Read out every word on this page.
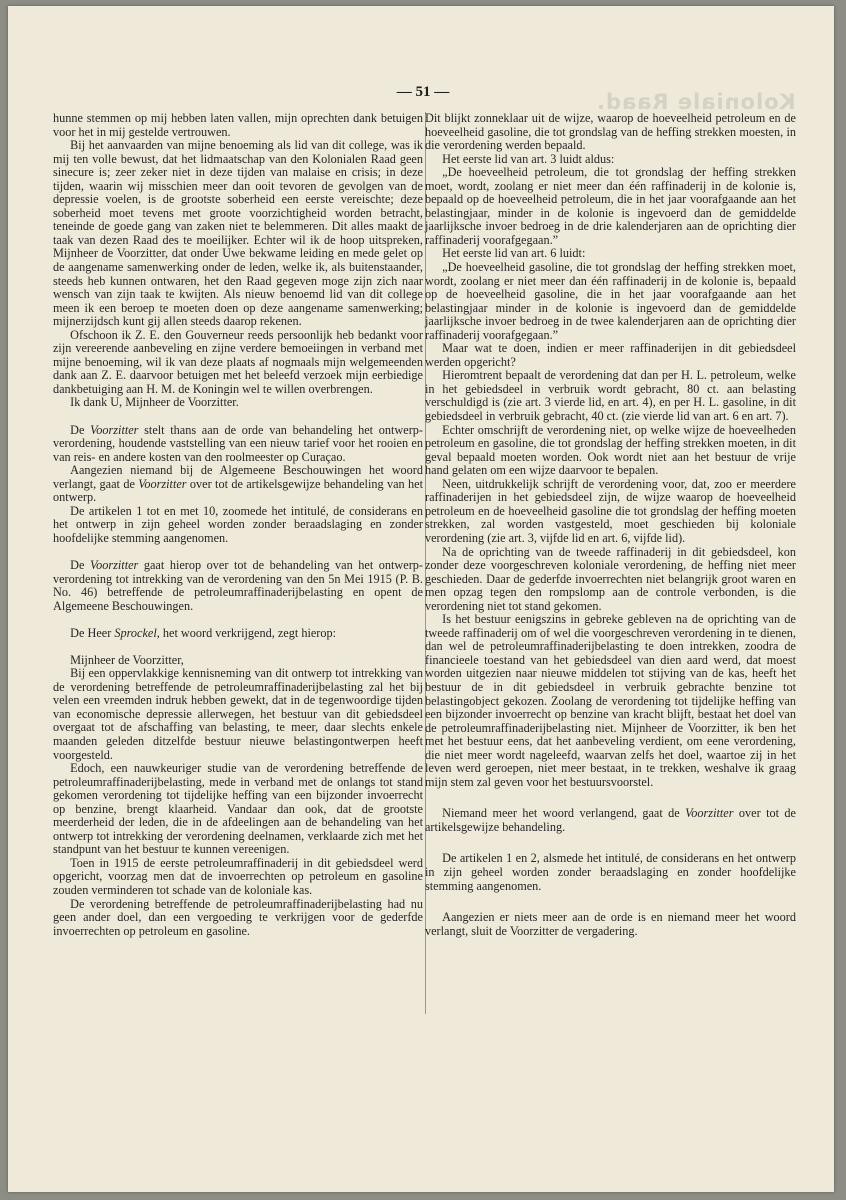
Koloniale Raad.
— 51 —

hunne stemmen op mij hebben laten vallen, mijn oprechten dank betuigen voor het in mij gestelde vertrouwen.

Bij het aanvaarden van mijne benoeming als lid van dit college, was ik mij ten volle bewust, dat het lidmaatschap van den Kolonialen Raad geen sinecure is; zeer zeker niet in deze tijden van malaise en crisis; in deze tijden, waarin wij misschien meer dan ooit tevoren de gevolgen van de depressie voelen, is de grootste soberheid een eerste vereischte; deze soberheid moet tevens met groote voorzichtigheid worden betracht, teneinde de goede gang van zaken niet te belemmeren. Dit alles maakt de taak van dezen Raad des te moeilijker. Echter wil ik de hoop uitspreken, Mijnheer de Voorzitter, dat onder Uwe bekwame leiding en mede gelet op de aangename samenwerking onder de leden, welke ik, als buitenstaander, steeds heb kunnen ontwaren, het den Raad gegeven moge zijn zich naar wensch van zijn taak te kwijten. Als nieuw benoemd lid van dit college meen ik een beroep te moeten doen op deze aangename samenwerking; mijnerzijdsch kunt gij allen steeds daarop rekenen.

Ofschoon ik Z. E. den Gouverneur reeds persoonlijk heb bedankt voor zijn vereerende aanbeveling en zijne verdere bemoeiingen in verband met mijne benoeming, wil ik van deze plaats af nogmaals mijn welgemeenden dank aan Z. E. daarvoor betuigen met het beleefd verzoek mijn eerbiedige dankbetuiging aan H. M. de Koningin wel te willen overbrengen.

Ik dank U, Mijnheer de Voorzitter.

De Voorzitter stelt thans aan de orde van behandeling het ontwerp-verordening, houdende vaststelling van een nieuw tarief voor het rooien en van reis- en andere kosten van den roolmeester op Curaçao.

Aangezien niemand bij de Algemeene Beschouwingen het woord verlangt, gaat de Voorzitter over tot de artikelsgewijze behandeling van het ontwerp.

De artikelen 1 tot en met 10, zoomede het intitulé, de considerans en het ontwerp in zijn geheel worden zonder beraadslaging en zonder hoofdelijke stemming aangenomen.

De Voorzitter gaat hierop over tot de behandeling van het ontwerp-verordening tot intrekking van de verordening van den 5n Mei 1915 (P. B. No. 46) betreffende de petroleumraffinaderijbelasting en opent de Algemeene Beschouwingen.

De Heer Sprockel, het woord verkrijgend, zegt hierop:

Mijnheer de Voorzitter,

Bij een oppervlakkige kennisneming van dit ontwerp tot intrekking van de verordening betreffende de petroleumraffinaderijbelasting zal het bij velen een vreemden indruk hebben gewekt, dat in de tegenwoordige tijden van economische depressie allerwegen, het bestuur van dit gebiedsdeel overgaat tot de afschaffing van belasting, te meer, daar slechts enkele maanden geleden ditzelfde bestuur nieuwe belastingontwerpen heeft voorgesteld.

Edoch, een nauwkeuriger studie van de verordening betreffende de petroleumraffinaderijbelasting, mede in verband met de onlangs tot stand gekomen verordening tot tijdelijke heffing van een bijzonder invoerrecht op benzine, brengt klaarheid. Vandaar dan ook, dat de grootste meerderheid der leden, die in de afdeelingen aan de behandeling van het ontwerp tot intrekking der verordening deelnamen, verklaarde zich met het standpunt van het bestuur te kunnen vereenigen.

Toen in 1915 de eerste petroleumraffinaderij in dit gebiedsdeel werd opgericht, voorzag men dat de invoerrechten op petroleum en gasoline zouden verminderen tot schade van de koloniale kas.

De verordening betreffende de petroleumraffinaderijbelasting had nu geen ander doel, dan een vergoeding te verkrijgen voor de gederfde invoerrechten op petroleum en gasoline.

Dit blijkt zonneklaar uit de wijze, waarop de hoeveelheid petroleum en de hoeveelheid gasoline, die tot grondslag van de heffing strekken moesten, in die verordening werden bepaald.

Het eerste lid van art. 3 luidt aldus:

„De hoeveelheid petroleum, die tot grondslag der heffing strekken moet, wordt, zoolang er niet meer dan één raffinaderij in de kolonie is, bepaald op de hoeveelheid petroleum, die in het jaar voorafgaande aan het belastingjaar, minder in de kolonie is ingevoerd dan de gemiddelde jaarlijksche invoer bedroeg in de drie kalenderjaren aan de oprichting dier raffinaderij voorafgegaan.”

Het eerste lid van art. 6 luidt:

„De hoeveelheid gasoline, die tot grondslag der heffing strekken moet, wordt, zoolang er niet meer dan één raffinaderij in de kolonie is, bepaald op de hoeveelheid gasoline, die in het jaar voorafgaande aan het belastingjaar minder in de kolonie is ingevoerd dan de gemiddelde jaarlijksche invoer bedroeg in de twee kalenderjaren aan de oprichting dier raffinaderij voorafgegaan.”

Maar wat te doen, indien er meer raffinaderijen in dit gebiedsdeel werden opgericht?

Hieromtrent bepaalt de verordening dat dan per H. L. petroleum, welke in het gebiedsdeel in verbruik wordt gebracht, 80 ct. aan belasting verschuldigd is (zie art. 3 vierde lid, en art. 4), en per H. L. gasoline, in dit gebiedsdeel in verbruik gebracht, 40 ct. (zie vierde lid van art. 6 en art. 7).

Echter omschrijft de verordening niet, op welke wijze de hoeveelheden petroleum en gasoline, die tot grondslag der heffing strekken moeten, in dit geval bepaald moeten worden. Ook wordt niet aan het bestuur de vrije hand gelaten om een wijze daarvoor te bepalen.

Neen, uitdrukkelijk schrijft de verordening voor, dat, zoo er meerdere raffinaderijen in het gebiedsdeel zijn, de wijze waarop de hoeveelheid petroleum en de hoeveelheid gasoline die tot grondslag der heffing moeten strekken, zal worden vastgesteld, moet geschieden bij koloniale verordening (zie art. 3, vijfde lid en art. 6, vijfde lid).

Na de oprichting van de tweede raffinaderij in dit gebiedsdeel, kon zonder deze voorgeschreven koloniale verordening, de heffing niet meer geschieden. Daar de gederfde invoerrechten niet belangrijk groot waren en men opzag tegen den rompslomp aan de controle verbonden, is die verordening niet tot stand gekomen.

Is het bestuur eenigszins in gebreke gebleven na de oprichting van de tweede raffinaderij om of wel die voorgeschreven verordening in te dienen, dan wel de petroleumraffinaderijbelasting te doen intrekken, zoodra de financieele toestand van het gebiedsdeel van dien aard werd, dat moest worden uitgezien naar nieuwe middelen tot stijving van de kas, heeft het bestuur de in dit gebiedsdeel in verbruik gebrachte benzine tot belastingobject gekozen. Zoolang de verordening tot tijdelijke heffing van een bijzonder invoerrecht op benzine van kracht blijft, bestaat het doel van de petroleumraffinaderijbelasting niet. Mijnheer de Voorzitter, ik ben het met het bestuur eens, dat het aanbeveling verdient, om eene verordening, die niet meer wordt nageleefd, waarvan zelfs het doel, waartoe zij in het leven werd geroepen, niet meer bestaat, in te trekken, weshalve ik graag mijn stem zal geven voor het bestuursvoorstel.

Niemand meer het woord verlangend, gaat de Voorzitter over tot de artikelsgewijze behandeling.

De artikelen 1 en 2, alsmede het intitulé, de considerans en het ontwerp in zijn geheel worden zonder beraadslaging en zonder hoofdelijke stemming aangenomen.

Aangezien er niets meer aan de orde is en niemand meer het woord verlangt, sluit de Voorzitter de vergadering.
